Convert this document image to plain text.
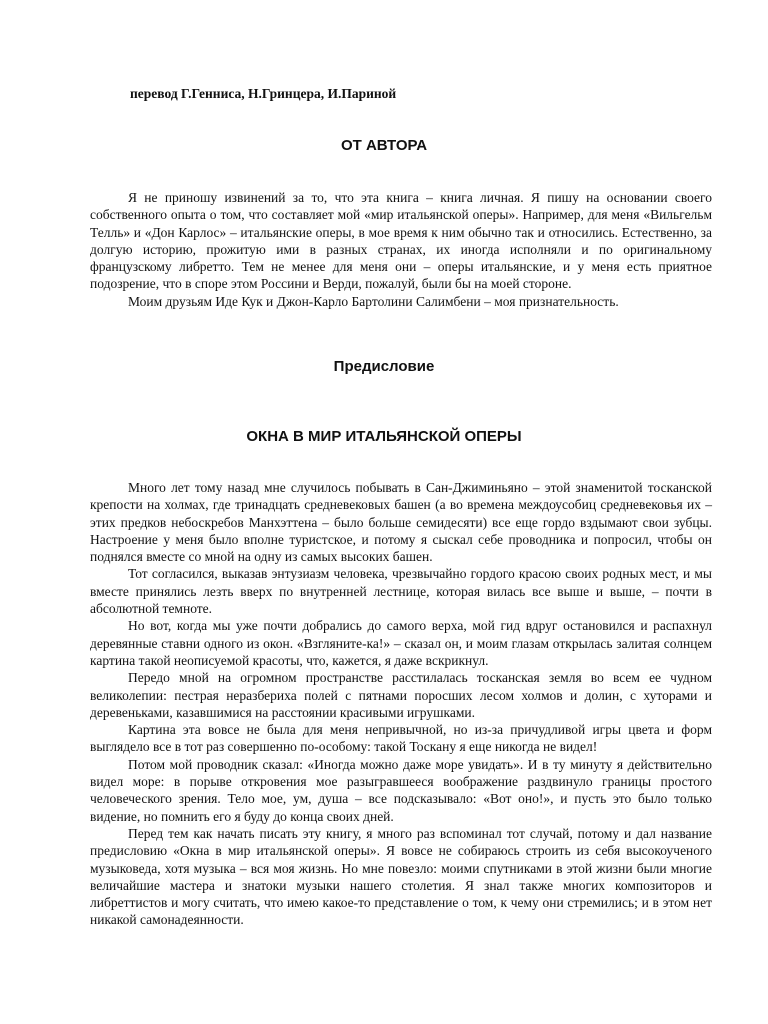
перевод Г.Генниса, Н.Гринцера, И.Париной
ОТ АВТОРА

Я не приношу извинений за то, что эта книга – книга личная. Я пишу на основании своего собственного опыта о том, что составляет мой «мир итальянской оперы». Например, для меня «Вильгельм Телль» и «Дон Карлос» – итальянские оперы, в мое время к ним обычно так и относились. Естественно, за долгую историю, прожитую ими в разных странах, их иногда исполняли и по оригинальному французскому либретто. Тем не менее для меня они – оперы итальянские, и у меня есть приятное подозрение, что в споре этом Россини и Верди, пожалуй, были бы на моей стороне.

Моим друзьям Иде Кук и Джон-Карло Бартолини Салимбени – моя признательность.

Предисловие
ОКНА В МИР ИТАЛЬЯНСКОЙ ОПЕРЫ

Много лет тому назад мне случилось побывать в Сан-Джиминьяно – этой знаменитой тосканской крепости на холмах, где тринадцать средневековых башен (а во времена междоусобиц средневековья их – этих предков небоскребов Манхэттена – было больше семидесяти) все еще гордо вздымают свои зубцы. Настроение у меня было вполне туристское, и потому я сыскал себе проводника и попросил, чтобы он поднялся вместе со мной на одну из самых высоких башен.

Тот согласился, выказав энтузиазм человека, чрезвычайно гордого красою своих родных мест, и мы вместе принялись лезть вверх по внутренней лестнице, которая вилась все выше и выше, – почти в абсолютной темноте.

Но вот, когда мы уже почти добрались до самого верха, мой гид вдруг остановился и распахнул деревянные ставни одного из окон. «Взгляните-ка!» – сказал он, и моим глазам открылась залитая солнцем картина такой неописуемой красоты, что, кажется, я даже вскрикнул.

Передо мной на огромном пространстве расстилалась тосканская земля во всем ее чудном великолепии: пестрая неразбериха полей с пятнами поросших лесом холмов и долин, с хуторами и деревеньками, казавшимися на расстоянии красивыми игрушками.

Картина эта вовсе не была для меня непривычной, но из-за причудливой игры цвета и форм выглядело все в тот раз совершенно по-особому: такой Тоскану я еще никогда не видел!

Потом мой проводник сказал: «Иногда можно даже море увидать». И в ту минуту я действительно видел море: в порыве откровения мое разыгравшееся воображение раздвинуло границы простого человеческого зрения. Тело мое, ум, душа – все подсказывало: «Вот оно!», и пусть это было только видение, но помнить его я буду до конца своих дней.

Перед тем как начать писать эту книгу, я много раз вспоминал тот случай, потому и дал название предисловию «Окна в мир итальянской оперы». Я вовсе не собираюсь строить из себя высокоученого музыковеда, хотя музыка – вся моя жизнь. Но мне повезло: моими спутниками в этой жизни были многие величайшие мастера и знатоки музыки нашего столетия. Я знал также многих композиторов и либреттистов и могу считать, что имею какое-то представление о том, к чему они стремились; и в этом нет никакой самонадеянности.
